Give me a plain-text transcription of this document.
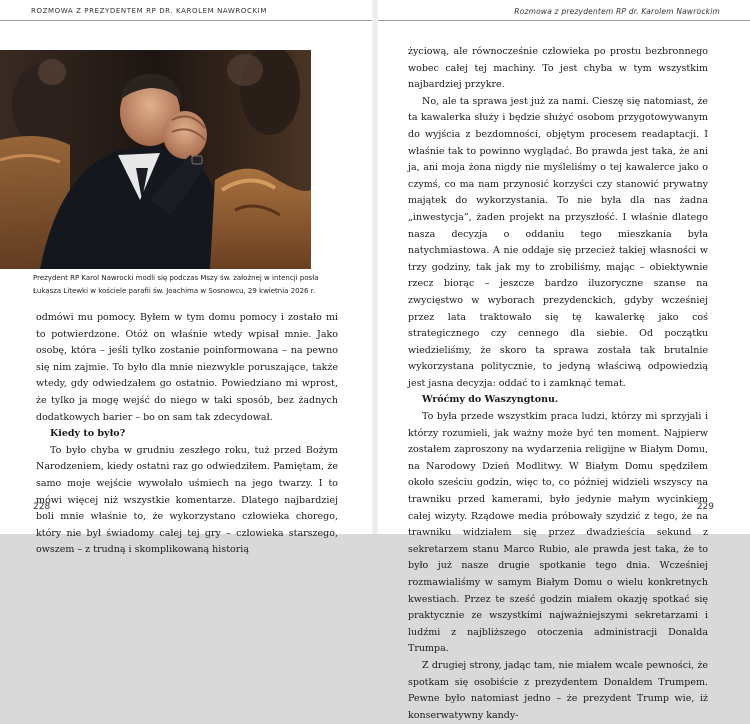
ROZMOWA Z PREZYDENTEM RP DR. KAROLEM NAWROCKIM	Rozmowa z prezydentem RP dr. Karolem Nawrockim
Prezydent RP Karol Nawrocki modli się podczas Mszy św. założnej w intencji posła Łukasza Litewki w kościele parafii św. Joachima w Sosnowcu, 29 kwietnia 2026 r.

odmówi mu pomocy. Byłem w tym domu pomocy i zostało mi to potwierdzone. Otóż on właśnie wtedy wpisał mnie. Jako osobę, która – jeśli tylko zostanie poinformowana – na pewno się nim zajmie. To było dla mnie niezwykle poruszające, także wtedy, gdy odwiedzałem go ostatnio. Powiedziano mi wprost, że tylko ja mogę wejść do niego w taki sposób, bez żadnych dodatkowych barier – bo on sam tak zdecydował.

Kiedy to było?

To było chyba w grudniu zeszłego roku, tuż przed Bożym Narodzeniem, kiedy ostatni raz go odwiedziłem. Pamiętam, że samo moje wejście wywołało uśmiech na jego twarzy. I to mówi więcej niż wszystkie komentarze. Dlatego najbardziej boli mnie właśnie to, że wykorzystano człowieka chorego, który nie był świadomy całej tej gry – człowieka starszego, owszem – z trudną i skomplikowaną historią

życiową, ale równocześnie człowieka po prostu bezbronnego wobec całej tej machiny. To jest chyba w tym wszystkim najbardziej przykre.

No, ale ta sprawa jest już za nami. Cieszę się natomiast, że ta kawalerka służy i będzie służyć osobom przygotowywanym do wyjścia z bezdomności, objętym procesem readaptacji. I właśnie tak to powinno wyglądać. Bo prawda jest taka, że ani ja, ani moja żona nigdy nie myśleliśmy o tej kawalerce jako o czymś, co ma nam przynosić korzyści czy stanowić prywatny majątek do wykorzystania. To nie była dla nas żadna „inwestycja”, żaden projekt na przyszłość. I właśnie dlatego nasza decyzja o oddaniu tego mieszkania była natychmiastowa. A nie oddaje się przecież takiej własności w trzy godziny, tak jak my to zrobiliśmy, mając – obiektywnie rzecz biorąc – jeszcze bardzo iluzoryczne szanse na zwycięstwo w wyborach prezydenckich, gdyby wcześniej przez lata traktowało się tę kawalerkę jako coś strategicznego czy cennego dla siebie. Od początku wiedzieliśmy, że skoro ta sprawa została tak brutalnie wykorzystana politycznie, to jedyną właściwą odpowiedzią jest jasna decyzja: oddać to i zamknąć temat.

Wróćmy do Waszyngtonu.

To była przede wszystkim praca ludzi, którzy mi sprzyjali i którzy rozumieli, jak ważny może być ten moment. Najpierw zostałem zaproszony na wydarzenia religijne w Białym Domu, na Narodowy Dzień Modlitwy. W Białym Domu spędziłem około sześciu godzin, więc to, co później widzieli wszyscy na trawniku przed kamerami, było jedynie małym wycinkiem całej wizyty. Rządowe media próbowały szydzić z tego, że na trawniku widziałem się przez dwadzieścia sekund z sekretarzem stanu Marco Rubio, ale prawda jest taka, że to było już nasze drugie spotkanie tego dnia. Wcześniej rozmawialiśmy w samym Białym Domu o wielu konkretnych kwestiach. Przez te sześć godzin miałem okazję spotkać się praktycznie ze wszystkimi najważniejszymi sekretarzami i ludźmi z najbliższego otoczenia administracji Donalda Trumpa.

Z drugiej strony, jadąc tam, nie miałem wcale pewności, że spotkam się osobiście z prezydentem Donaldem Trumpem. Pewne było natomiast jedno – że prezydent Trump wie, iż konserwatywny kandy-

228	229
